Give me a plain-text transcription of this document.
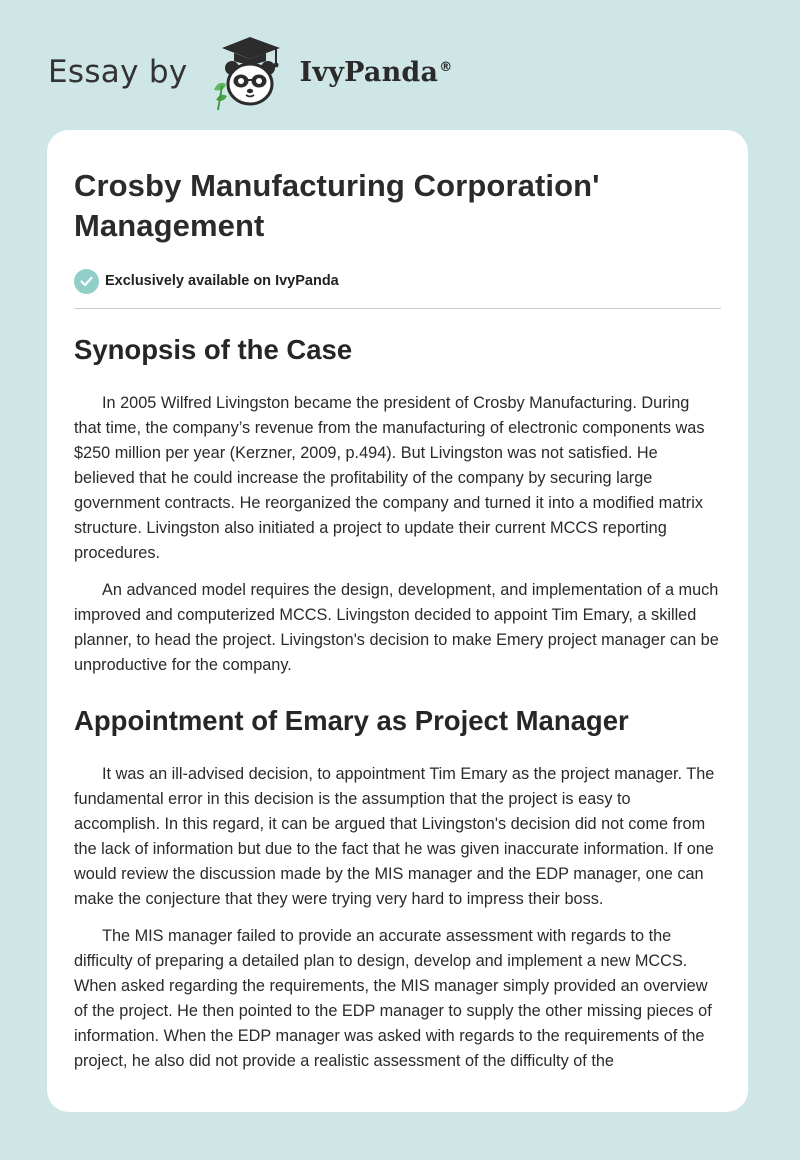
Essay by	IvyPanda®
Crosby Manufacturing Corporation' Management
Exclusively available on IvyPanda
Synopsis of the Case

In 2005 Wilfred Livingston became the president of Crosby Manufacturing. During that time, the company’s revenue from the manufacturing of electronic components was $250 million per year (Kerzner, 2009, p.494). But Livingston was not satisfied. He believed that he could increase the profitability of the company by securing large government contracts. He reorganized the company and turned it into a modified matrix structure. Livingston also initiated a project to update their current MCCS reporting procedures.

An advanced model requires the design, development, and implementation of a much improved and computerized MCCS. Livingston decided to appoint Tim Emary, a skilled planner, to head the project. Livingston's decision to make Emery project manager can be unproductive for the company.

Appointment of Emary as Project Manager

It was an ill-advised decision, to appointment Tim Emary as the project manager. The fundamental error in this decision is the assumption that the project is easy to accomplish. In this regard, it can be argued that Livingston's decision did not come from the lack of information but due to the fact that he was given inaccurate information. If one would review the discussion made by the MIS manager and the EDP manager, one can make the conjecture that they were trying very hard to impress their boss.

The MIS manager failed to provide an accurate assessment with regards to the difficulty of preparing a detailed plan to design, develop and implement a new MCCS. When asked regarding the requirements, the MIS manager simply provided an overview of the project. He then pointed to the EDP manager to supply the other missing pieces of information. When the EDP manager was asked with regards to the requirements of the project, he also did not provide a realistic assessment of the difficulty of the
